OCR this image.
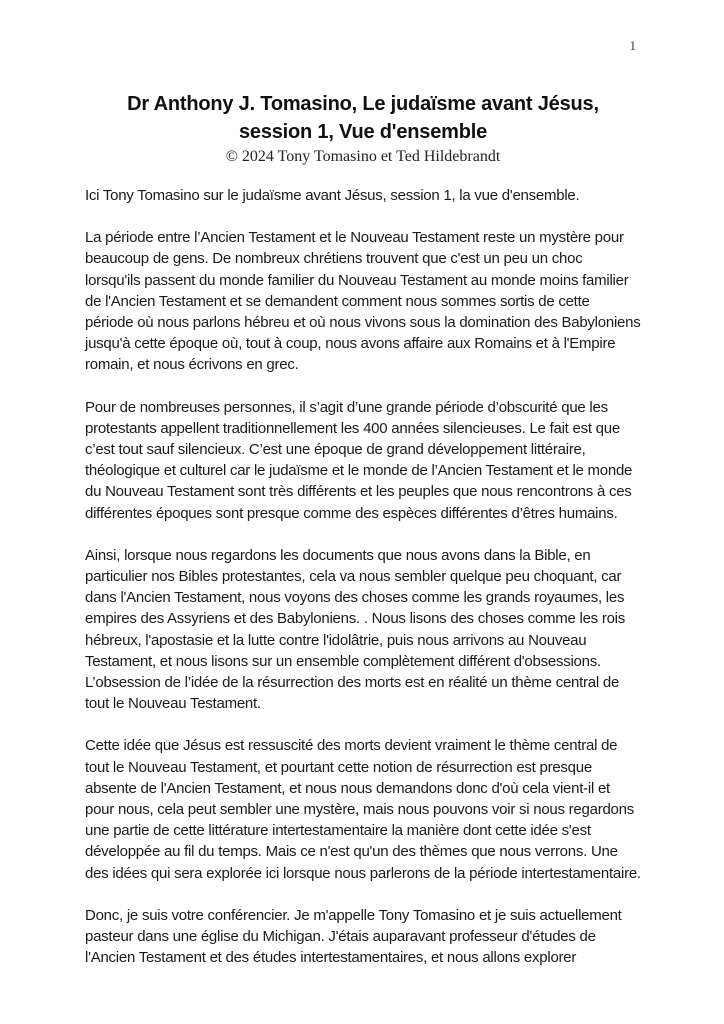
1
Dr Anthony J. Tomasino, Le judaïsme avant Jésus,
session 1, Vue d'ensemble
© 2024 Tony Tomasino et Ted Hildebrandt

Ici Tony Tomasino sur le judaïsme avant Jésus, session 1, la vue d'ensemble.

La période entre l’Ancien Testament et le Nouveau Testament reste un mystère pour beaucoup de gens. De nombreux chrétiens trouvent que c'est un peu un choc lorsqu'ils passent du monde familier du Nouveau Testament au monde moins familier de l'Ancien Testament et se demandent comment nous sommes sortis de cette période où nous parlons hébreu et où nous vivons sous la domination des Babyloniens jusqu'à cette époque où, tout à coup, nous avons affaire aux Romains et à l'Empire romain, et nous écrivons en grec.

Pour de nombreuses personnes, il s’agit d’une grande période d’obscurité que les protestants appellent traditionnellement les 400 années silencieuses. Le fait est que c’est tout sauf silencieux. C’est une époque de grand développement littéraire, théologique et culturel car le judaïsme et le monde de l’Ancien Testament et le monde du Nouveau Testament sont très différents et les peuples que nous rencontrons à ces différentes époques sont presque comme des espèces différentes d’êtres humains.

Ainsi, lorsque nous regardons les documents que nous avons dans la Bible, en particulier nos Bibles protestantes, cela va nous sembler quelque peu choquant, car dans l'Ancien Testament, nous voyons des choses comme les grands royaumes, les empires des Assyriens et des Babyloniens. . Nous lisons des choses comme les rois hébreux, l'apostasie et la lutte contre l'idolâtrie, puis nous arrivons au Nouveau Testament, et nous lisons sur un ensemble complètement différent d'obsessions. L’obsession de l’idée de la résurrection des morts est en réalité un thème central de tout le Nouveau Testament.

Cette idée que Jésus est ressuscité des morts devient vraiment le thème central de tout le Nouveau Testament, et pourtant cette notion de résurrection est presque absente de l'Ancien Testament, et nous nous demandons donc d'où cela vient-il et pour nous, cela peut sembler une mystère, mais nous pouvons voir si nous regardons une partie de cette littérature intertestamentaire la manière dont cette idée s'est développée au fil du temps. Mais ce n'est qu'un des thèmes que nous verrons. Une des idées qui sera explorée ici lorsque nous parlerons de la période intertestamentaire.

Donc, je suis votre conférencier. Je m'appelle Tony Tomasino et je suis actuellement pasteur dans une église du Michigan. J'étais auparavant professeur d'études de l'Ancien Testament et des études intertestamentaires, et nous allons explorer
